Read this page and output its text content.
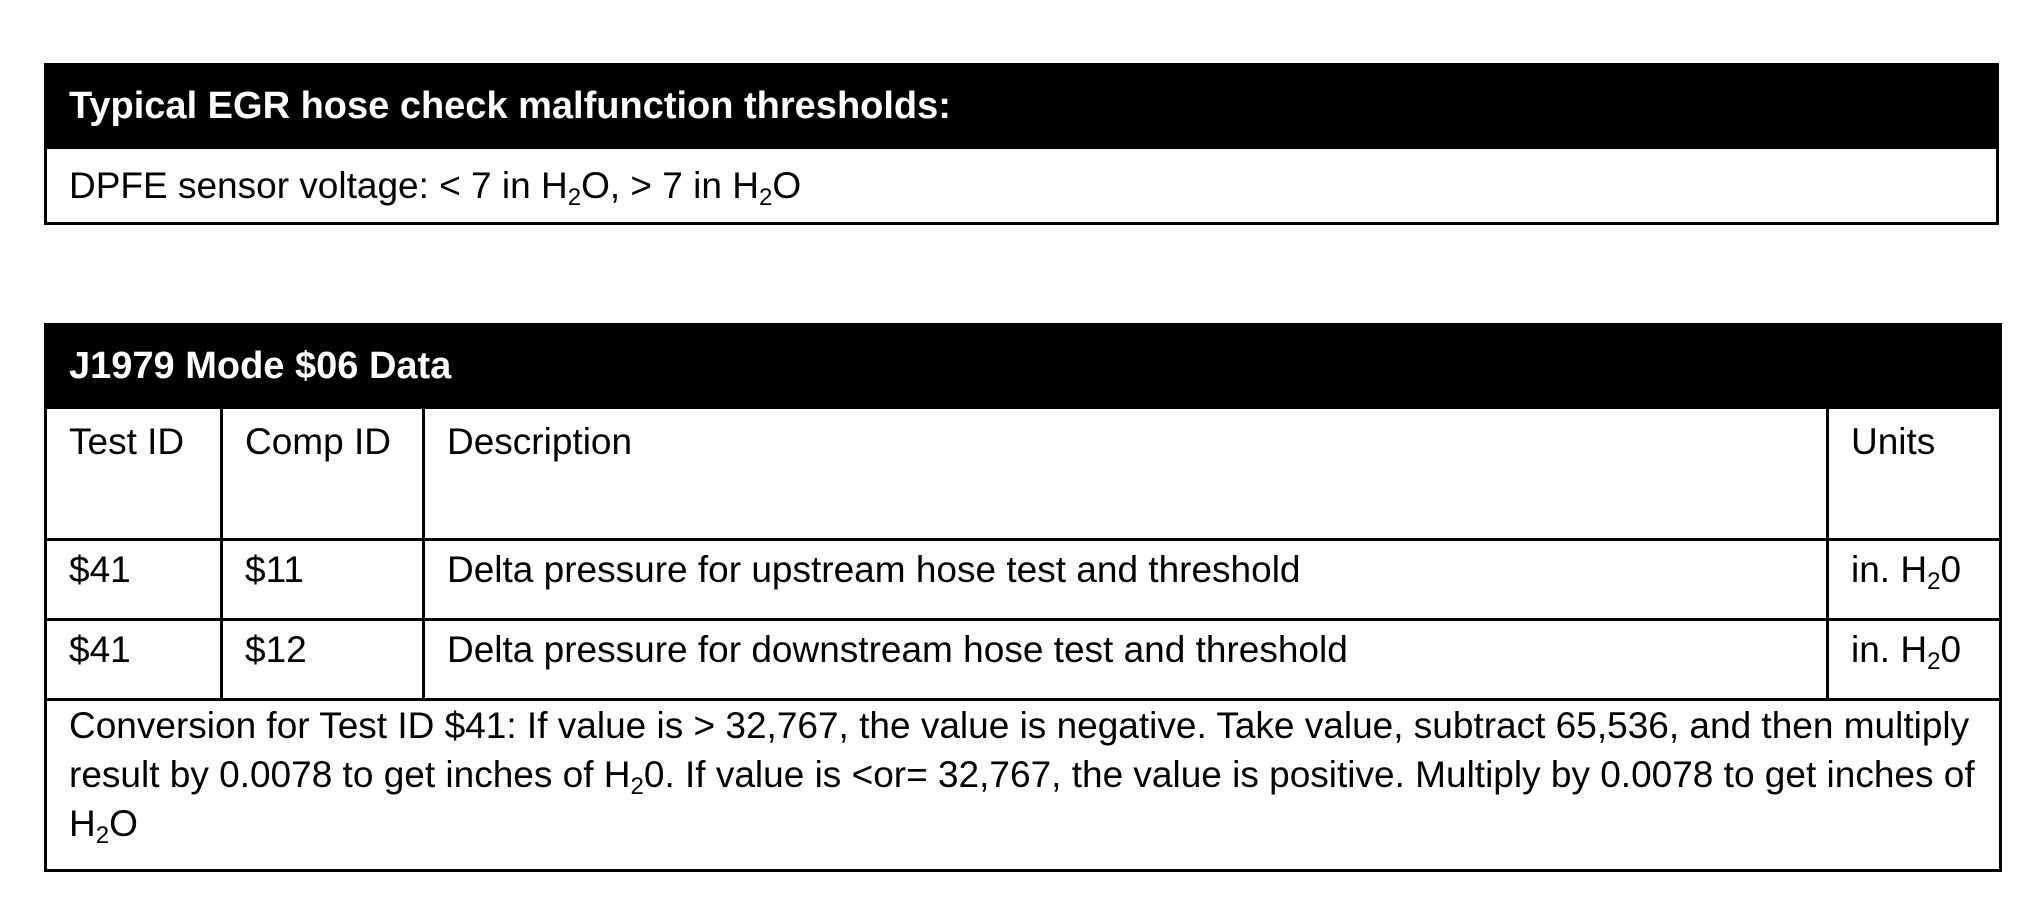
Typical EGR hose check malfunction thresholds:
DPFE sensor voltage: < 7 in $H_2O$, > 7 in $H_2O$
J1979 Mode $06 Data			
Test ID	Comp ID	Description	Units
$41	$11	Delta pressure for upstream hose test and threshold	in. $H_20$
$41	$12	Delta pressure for downstream hose test and threshold	in. $H_20$
Conversion for Test ID $41: If value is > 32,767, the value is negative. Take value, subtract 65,536, and then multiply result by 0.0078 to get inches of $H_20$. If value is <or= 32,767, the value is positive. Multiply by 0.0078 to get inches of $H_2O$			
